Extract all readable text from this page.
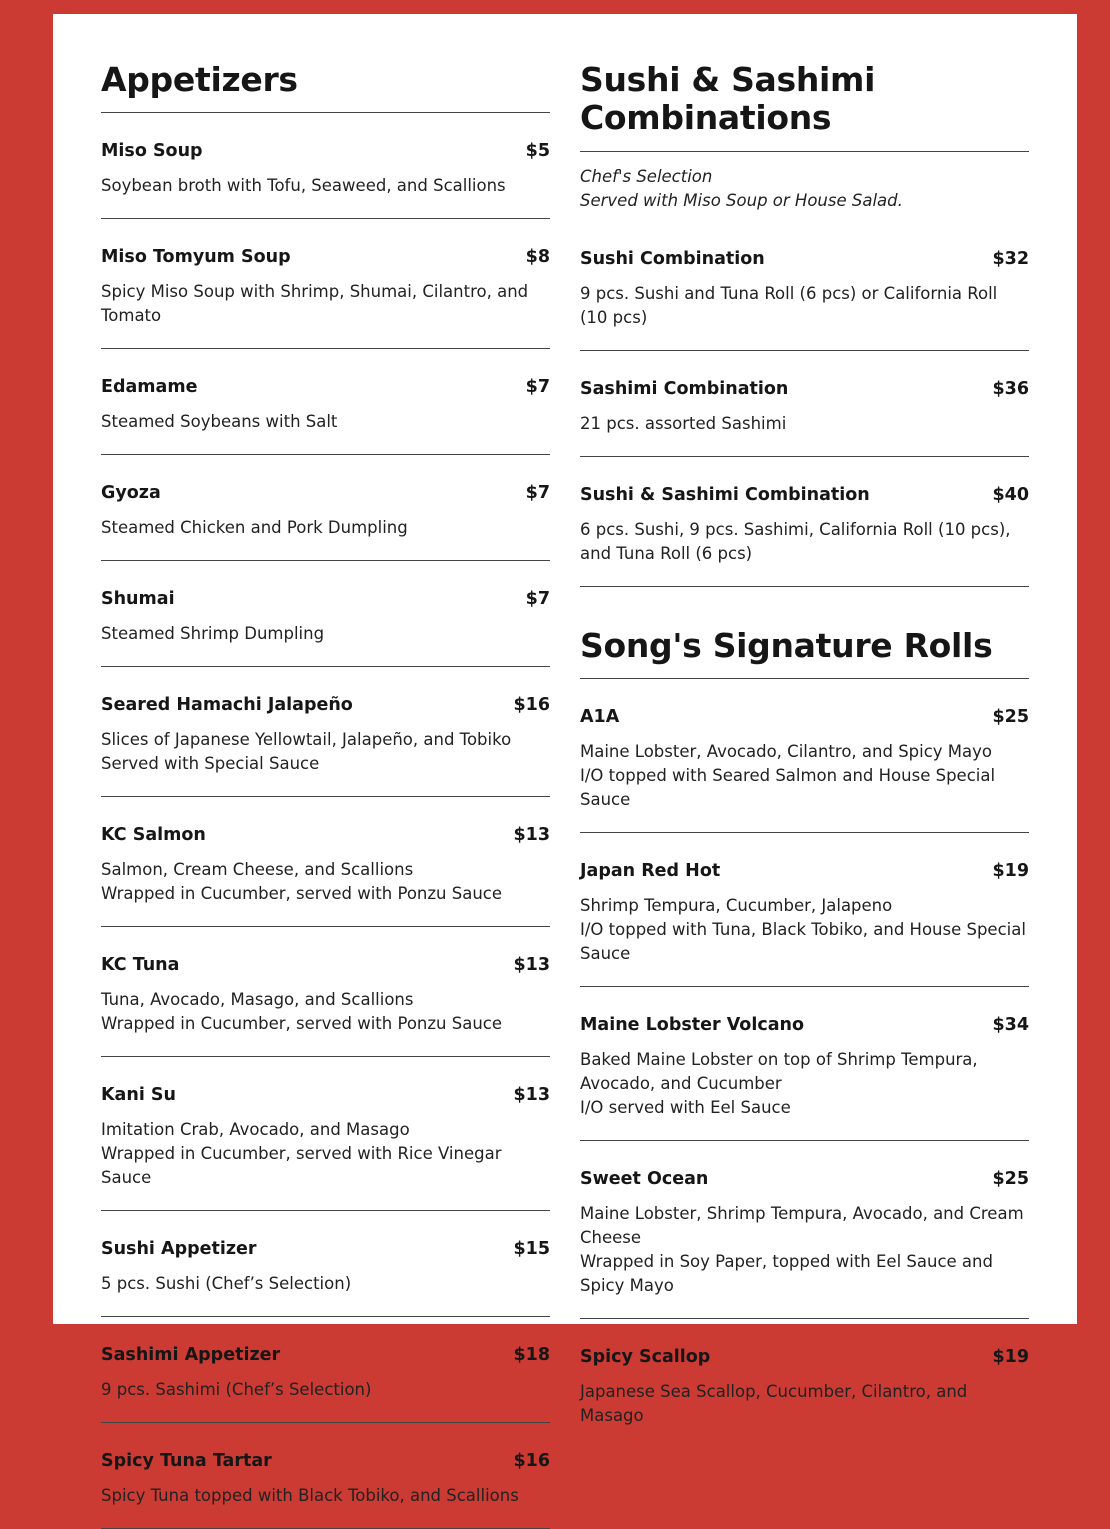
Appetizers
Miso Soup	$5
Soybean broth with Tofu, Seaweed, and Scallions
Miso Tomyum Soup	$8
Spicy Miso Soup with Shrimp, Shumai, Cilantro, and Tomato
Edamame	$7
Steamed Soybeans with Salt
Gyoza	$7
Steamed Chicken and Pork Dumpling
Shumai	$7
Steamed Shrimp Dumpling
Seared Hamachi Jalapeño	$16
Slices of Japanese Yellowtail, Jalapeño, and Tobiko
Served with Special Sauce
KC Salmon	$13
Salmon, Cream Cheese, and Scallions
Wrapped in Cucumber, served with Ponzu Sauce
KC Tuna	$13
Tuna, Avocado, Masago, and Scallions
Wrapped in Cucumber, served with Ponzu Sauce
Kani Su	$13
Imitation Crab, Avocado, and Masago
Wrapped in Cucumber, served with Rice Vinegar Sauce
Sushi Appetizer	$15
5 pcs. Sushi (Chef’s Selection)
Sashimi Appetizer	$18
9 pcs. Sashimi (Chef’s Selection)
Spicy Tuna Tartar	$16
Spicy Tuna topped with Black Tobiko, and Scallions
Sushi & Sashimi Combinations
Chef's Selection
Served with Miso Soup or House Salad.
Sushi Combination	$32
9 pcs. Sushi and Tuna Roll (6 pcs) or California Roll (10 pcs)
Sashimi Combination	$36
21 pcs. assorted Sashimi
Sushi & Sashimi Combination	$40
6 pcs. Sushi, 9 pcs. Sashimi, California Roll (10 pcs), and Tuna Roll (6 pcs)
Song's Signature Rolls
A1A	$25
Maine Lobster, Avocado, Cilantro, and Spicy Mayo
I/O topped with Seared Salmon and House Special Sauce
Japan Red Hot	$19
Shrimp Tempura, Cucumber, Jalapeno
I/O topped with Tuna, Black Tobiko, and House Special Sauce
Maine Lobster Volcano	$34
Baked Maine Lobster on top of Shrimp Tempura, Avocado, and Cucumber
I/O served with Eel Sauce
Sweet Ocean	$25
Maine Lobster, Shrimp Tempura, Avocado, and Cream Cheese
Wrapped in Soy Paper, topped with Eel Sauce and Spicy Mayo
Spicy Scallop	$19
Japanese Sea Scallop, Cucumber, Cilantro, and Masago
